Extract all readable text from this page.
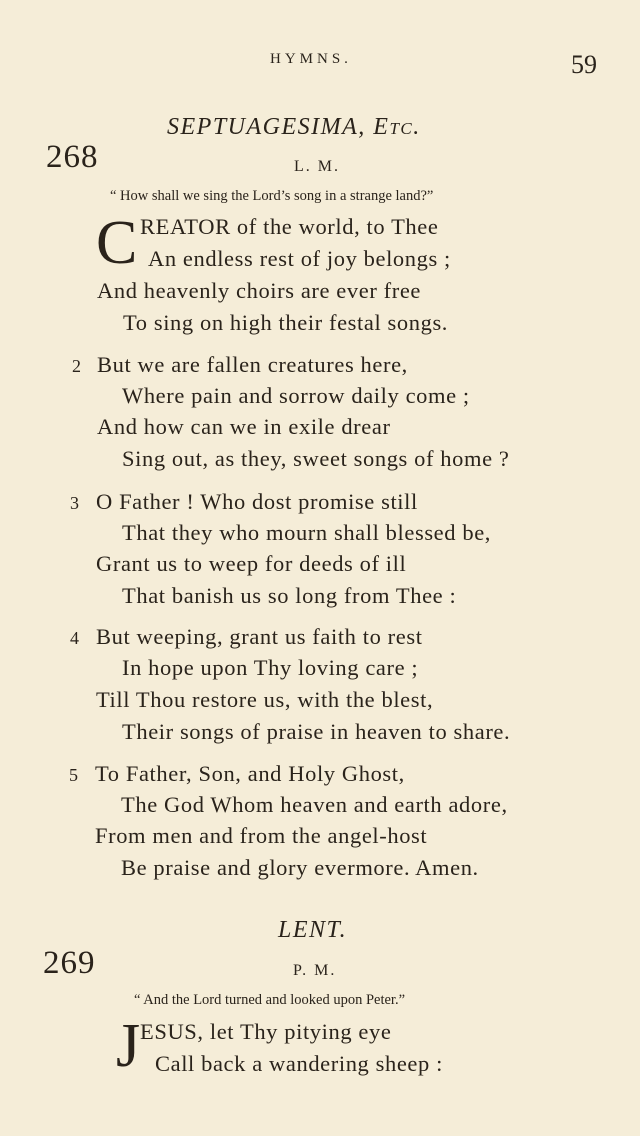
HYMNS.	59
SEPTUAGESIMA, Etc.
268	L. M.
“ How shall we sing the Lord’s song in a strange land?”
C REATOR of the world, to Thee
An endless rest of joy belongs ;
And heavenly choirs are ever free
To sing on high their festal songs.
2 But we are fallen creatures here,
Where pain and sorrow daily come ;
And how can we in exile drear
Sing out, as they, sweet songs of home ?
3 O Father ! Who dost promise still
That they who mourn shall blessed be,
Grant us to weep for deeds of ill
That banish us so long from Thee :
4 But weeping, grant us faith to rest
In hope upon Thy loving care ;
Till Thou restore us, with the blest,
Their songs of praise in heaven to share.
5 To Father, Son, and Holy Ghost,
The God Whom heaven and earth adore,
From men and from the angel-host
Be praise and glory evermore. Amen.
LENT.
269	P. M.
“ And the Lord turned and looked upon Peter.”
J ESUS, let Thy pitying eye
Call back a wandering sheep :
